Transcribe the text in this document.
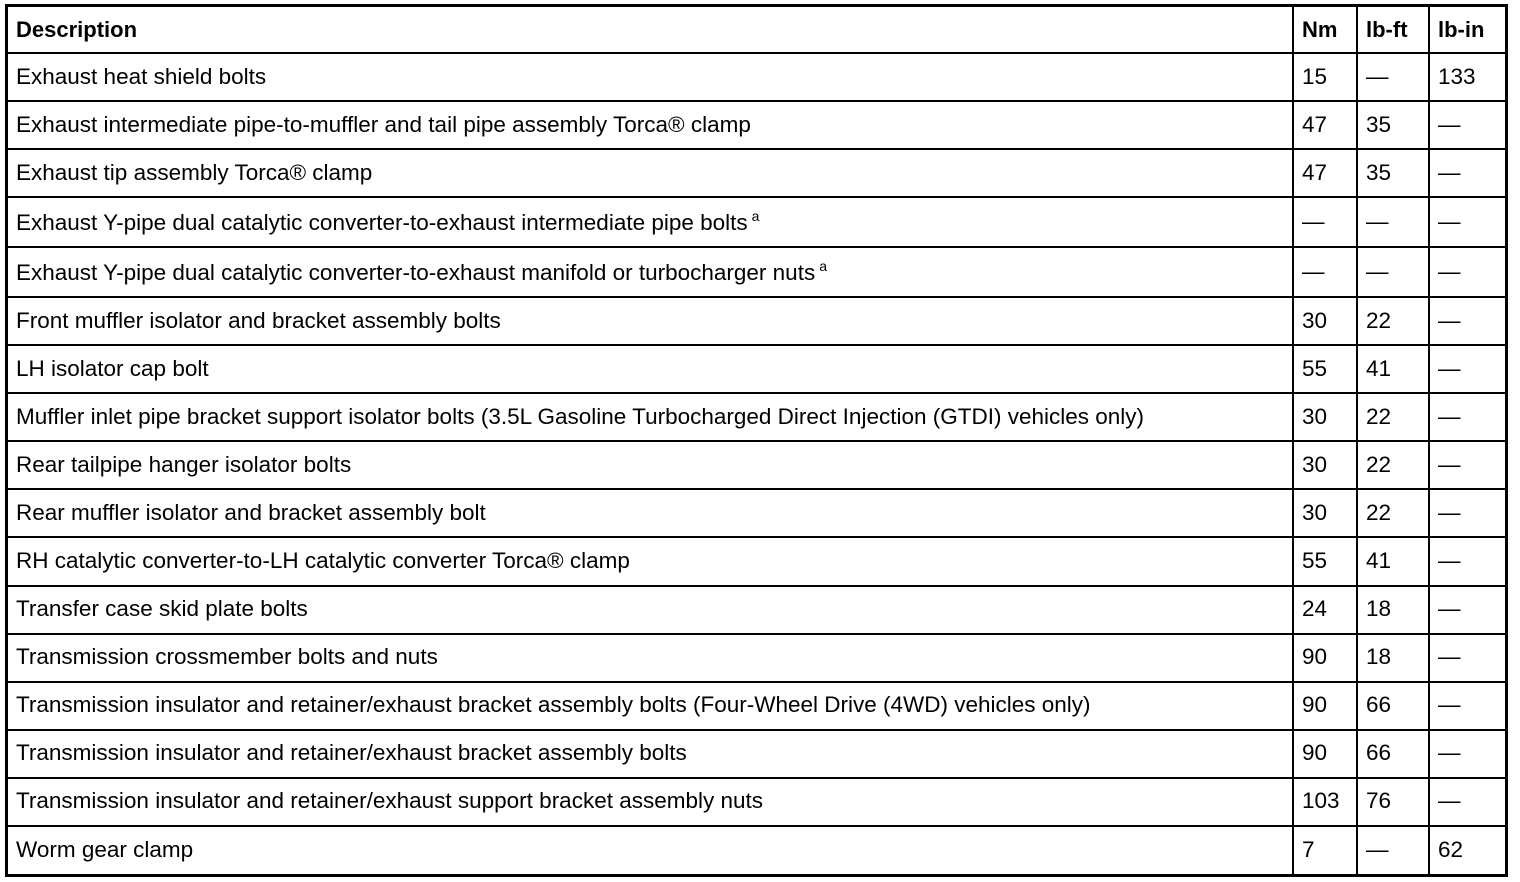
Description	Nm	lb-ft	lb-in
Exhaust heat shield bolts	15	—	133
Exhaust intermediate pipe-to-muffler and tail pipe assembly Torca® clamp	47	35	—
Exhaust tip assembly Torca® clamp	47	35	—
Exhaust Y-pipe dual catalytic converter-to-exhaust intermediate pipe bolts $^a$	—	—	—
Exhaust Y-pipe dual catalytic converter-to-exhaust manifold or turbocharger nuts $^a$	—	—	—
Front muffler isolator and bracket assembly bolts	30	22	—
LH isolator cap bolt	55	41	—
Muffler inlet pipe bracket support isolator bolts (3.5L Gasoline Turbocharged Direct Injection (GTDI) vehicles only)	30	22	—
Rear tailpipe hanger isolator bolts	30	22	—
Rear muffler isolator and bracket assembly bolt	30	22	—
RH catalytic converter-to-LH catalytic converter Torca® clamp	55	41	—
Transfer case skid plate bolts	24	18	—
Transmission crossmember bolts and nuts	90	18	—
Transmission insulator and retainer/exhaust bracket assembly bolts (Four-Wheel Drive (4WD) vehicles only)	90	66	—
Transmission insulator and retainer/exhaust bracket assembly bolts	90	66	—
Transmission insulator and retainer/exhaust support bracket assembly nuts	103	76	—
Worm gear clamp	7	—	62
